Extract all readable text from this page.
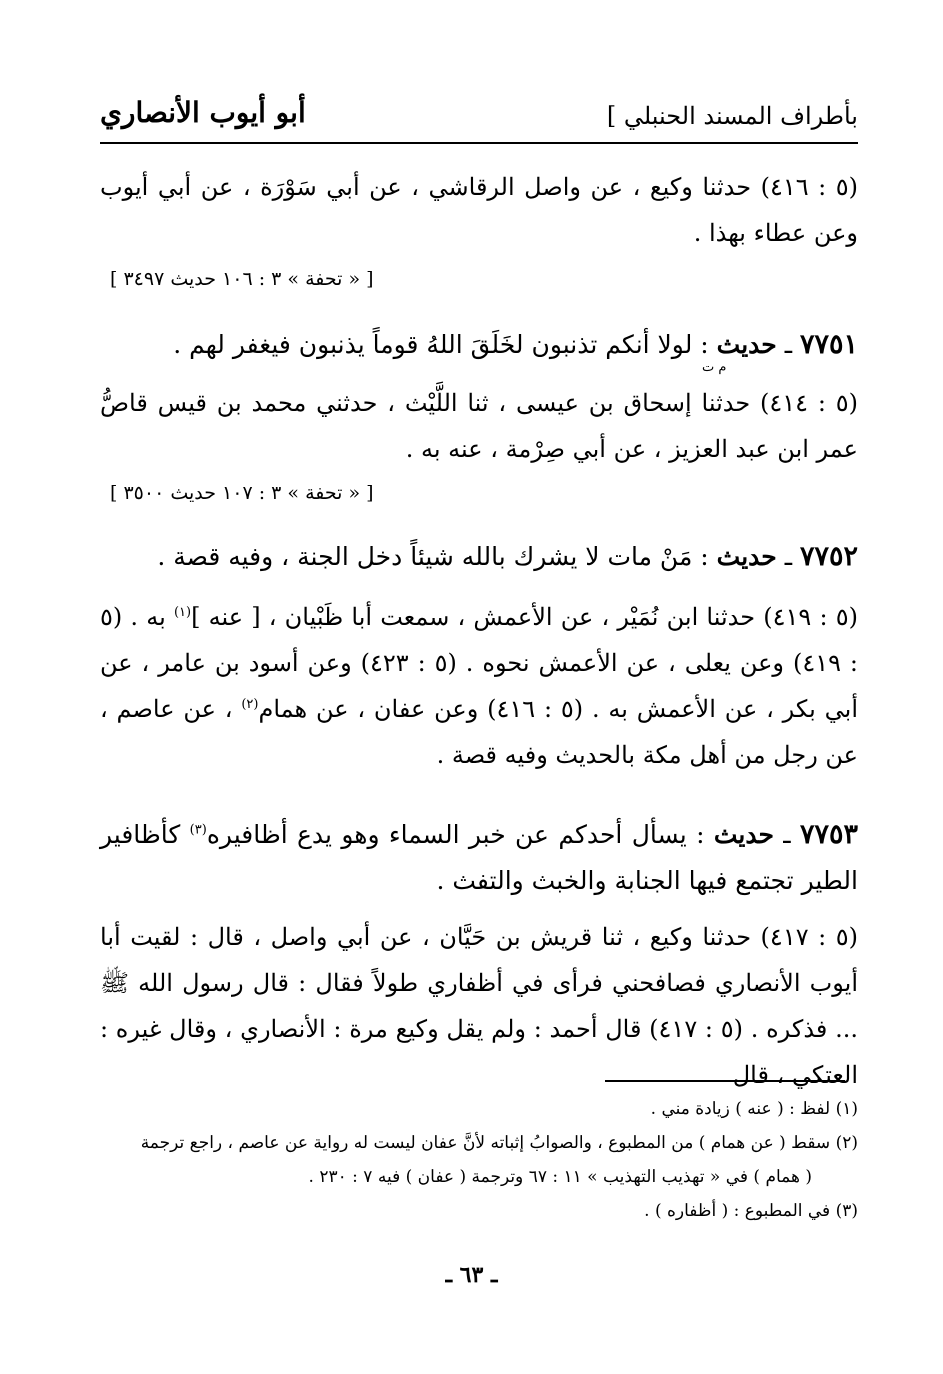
بأطراف المسند الحنبلي ]
أبو أيوب الأنصاري
(٥ : ٤١٦) حدثنا وكيع ، عن واصل الرقاشي ، عن أبي سَوْرَة ، عن أبي أيوب وعن عطاء بهذا .
[ « تحفة » ٣ : ١٠٦ حديث ٣٤٩٧ ]
٧٧٥١ ـ حديث : لولا أنكم تذنبون لخَلَقَ اللهُ قوماً يذنبون فيغفر لهم .
م ت
(٥ : ٤١٤) حدثنا إسحاق بن عيسى ، ثنا اللَّيْث ، حدثني محمد بن قيس قاصُّ عمر ابن عبد العزيز ، عن أبي صِرْمة ، عنه به .
[ « تحفة » ٣ : ١٠٧ حديث ٣٥٠٠ ]
٧٧٥٢ ـ حديث : مَنْ مات لا يشرك بالله شيئاً دخل الجنة ، وفيه قصة .
(٥ : ٤١٩) حدثنا ابن نُمَيْر ، عن الأعمش ، سمعت أبا ظَبْيان ، [ عنه ]$^{(١)}$ به . (٥ : ٤١٩) وعن يعلى ، عن الأعمش نحوه . (٥ : ٤٢٣) وعن أسود بن عامر ، عن أبي بكر ، عن الأعمش به . (٥ : ٤١٦) وعن عفان ، عن همام$^{(٢)}$ ، عن عاصم ، عن رجل من أهل مكة بالحديث وفيه قصة .
٧٧٥٣ ـ حديث : يسأل أحدكم عن خبر السماء وهو يدع أظافيره$^{(٣)}$ كأظافير الطير تجتمع فيها الجنابة والخبث والتفث .
(٥ : ٤١٧) حدثنا وكيع ، ثنا قريش بن حَيَّان ، عن أبي واصل ، قال : لقيت أبا أيوب الأنصاري فصافحني فرأى في أظفاري طولاً فقال : قال رسول الله ﷺ ... فذكره . (٥ : ٤١٧) قال أحمد : ولم يقل وكيع مرة : الأنصاري ، وقال غيره : العتكي ، قال
(١) لفظ : ( عنه ) زيادة مني .
(٢) سقط ( عن همام ) من المطبوع ، والصوابُ إثباته لأنَّ عفان ليست له رواية عن عاصم ، راجع ترجمة
( همام ) في « تهذيب التهذيب » ١١ : ٦٧ وترجمة ( عفان ) فيه ٧ : ٢٣٠ .
(٣) في المطبوع : ( أظفاره ) .
ـ ٦٣ ـ
